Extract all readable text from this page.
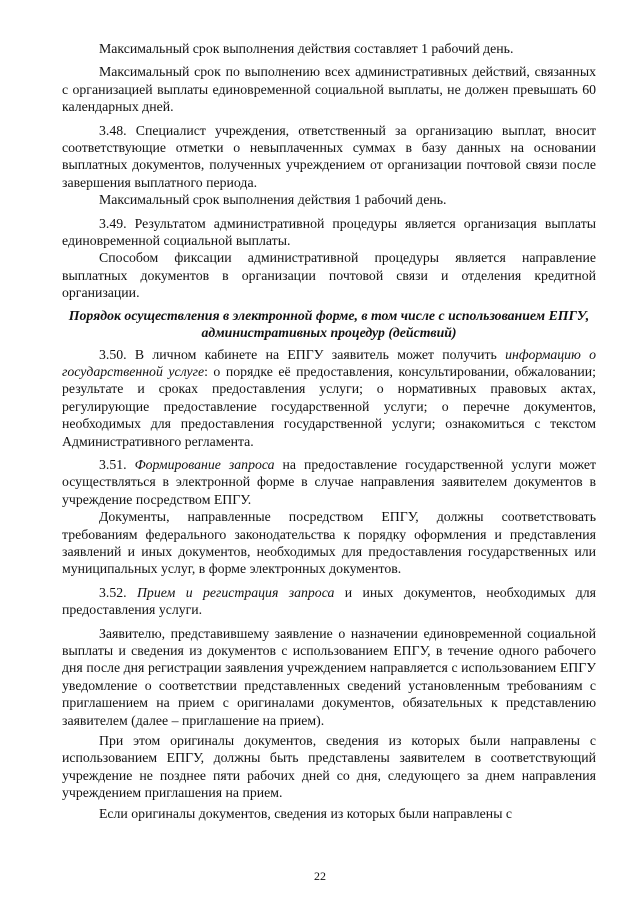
Максимальный срок выполнения действия составляет 1 рабочий день.

Максимальный срок по выполнению всех административных действий, связанных с организацией выплаты единовременной социальной выплаты, не должен превышать 60 календарных дней.

3.48. Специалист учреждения, ответственный за организацию выплат, вносит соответствующие отметки о невыплаченных суммах в базу данных на основании выплатных документов, полученных учреждением от организации почтовой связи после завершения выплатного периода.

Максимальный срок выполнения действия 1 рабочий день.

3.49. Результатом административной процедуры является организация выплаты единовременной социальной выплаты.

Способом фиксации административной процедуры является направление выплатных документов в организации почтовой связи и отделения кредитной организации.

Порядок осуществления в электронной форме, в том числе с использованием ЕПГУ, административных процедур (действий)

3.50. В личном кабинете на ЕПГУ заявитель может получить информацию о государственной услуге: о порядке её предоставления, консультировании, обжаловании; результате и сроках предоставления услуги; о нормативных правовых актах, регулирующие предоставление государственной услуги; о перечне документов, необходимых для предоставления государственной услуги; ознакомиться с текстом Административного регламента.

3.51. Формирование запроса на предоставление государственной услуги может осуществляться в электронной форме в случае направления заявителем документов в учреждение посредством ЕПГУ.

Документы, направленные посредством ЕПГУ, должны соответствовать требованиям федерального законодательства к порядку оформления и представления заявлений и иных документов, необходимых для предоставления государственных или муниципальных услуг, в форме электронных документов.

3.52. Прием и регистрация запроса и иных документов, необходимых для предоставления услуги.

Заявителю, представившему заявление о назначении единовременной социальной выплаты и сведения из документов с использованием ЕПГУ, в течение одного рабочего дня после дня регистрации заявления учреждением направляется с использованием ЕПГУ уведомление о соответствии представленных сведений установленным требованиям с приглашением на прием с оригиналами документов, обязательных к представлению заявителем (далее – приглашение на прием).

При этом оригиналы документов, сведения из которых были направлены с использованием ЕПГУ, должны быть представлены заявителем в соответствующий учреждение не позднее пяти рабочих дней со дня, следующего за днем направления учреждением приглашения на прием.

Если оригиналы документов, сведения из которых были направлены с

22
